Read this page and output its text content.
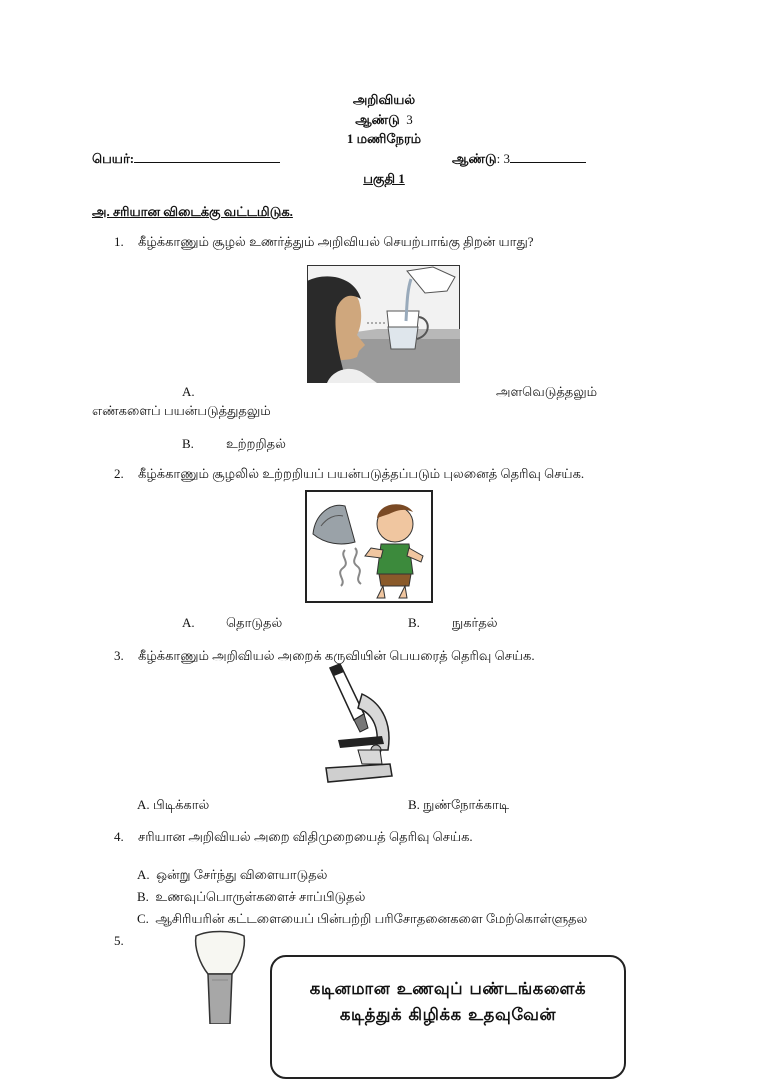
அறிவியல்
ஆண்டு 3
1 மணிநேரம்
பெயர்:	ஆண்டு: 3
பகுதி 1
அ. சரியான விடைக்கு வட்டமிடுக.
1. கீழ்க்காணும் சூழல் உணர்த்தும் அறிவியல் செயற்பாங்கு திறன் யாது?
A.	அளவெடுத்தலும்
எண்களைப் பயன்படுத்துதலும்
B. உற்றறிதல்
2. கீழ்க்காணும் சூழலில் உற்றறியப் பயன்படுத்தப்படும் புலனைத் தெரிவு செய்க.
A. தொடுதல்	B. நுகர்தல்
3. கீழ்க்காணும் அறிவியல் அறைக் கருவியின் பெயரைத் தெரிவு செய்க.
A. பிடிக்கால்	B. நுண்நோக்காடி
4. சரியான அறிவியல் அறை விதிமுறையைத் தெரிவு செய்க.
A. ஒன்று சேர்ந்து விளையாடுதல்
B. உணவுப்பொருள்களைச் சாப்பிடுதல்
C. ஆசிரியரின் கட்டளையைப் பின்பற்றி பரிசோதனைகளை மேற்கொள்ளுதல
5.
கடினமான உணவுப் பண்டங்களைக்
கடித்துக் கிழிக்க உதவுவேன்
